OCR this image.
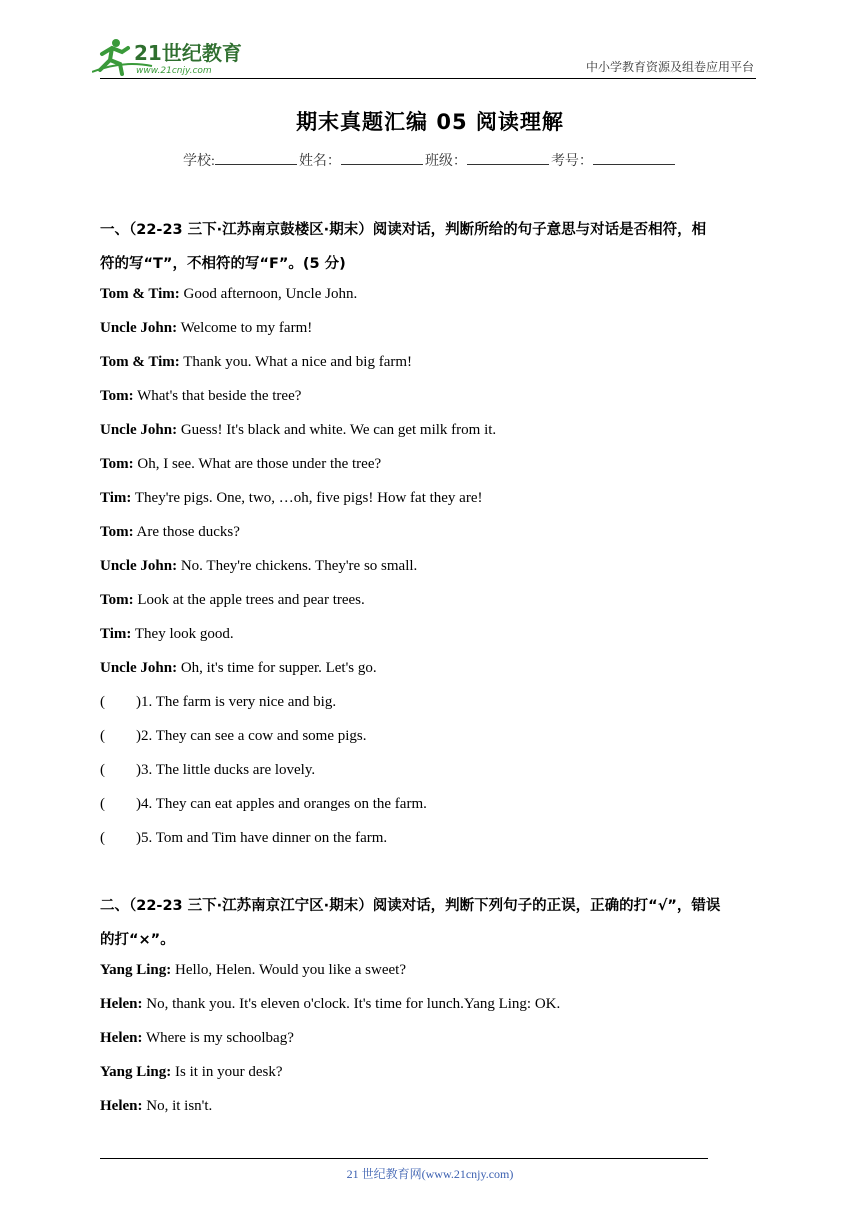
21世纪教育
www.21cnjy.com	中小学教育资源及组卷应用平台
期末真题汇编 05 阅读理解
学校:	姓名：	班级：	考号：
一、（22-23 三下·江苏南京鼓楼区·期末）阅读对话，判断所给的句子意思与对话是否相符，相
符的写“T”，不相符的写“F”。(5 分)
Tom & Tim: Good afternoon, Uncle John.
Uncle John: Welcome to my farm!
Tom & Tim: Thank you. What a nice and big farm!
Tom: What's that beside the tree?
Uncle John: Guess! It's black and white. We can get milk from it.
Tom: Oh, I see. What are those under the tree?
Tim: They're pigs. One, two, …oh, five pigs! How fat they are!
Tom: Are those ducks?
Uncle John: No. They're chickens. They're so small.
Tom: Look at the apple trees and pear trees.
Tim: They look good.
Uncle John: Oh, it's time for supper. Let's go.
( )1. The farm is very nice and big.
( )2. They can see a cow and some pigs.
( )3. The little ducks are lovely.
( )4. They can eat apples and oranges on the farm.
( )5. Tom and Tim have dinner on the farm.
二、（22-23 三下·江苏南京江宁区·期末）阅读对话，判断下列句子的正误，正确的打“√”，错误
的打“×”。
Yang Ling: Hello, Helen. Would you like a sweet?
Helen: No, thank you. It's eleven o'clock. It's time for lunch.Yang Ling: OK.
Helen: Where is my schoolbag?
Yang Ling: Is it in your desk?
Helen: No, it isn't.
21 世纪教育网(www.21cnjy.com)
